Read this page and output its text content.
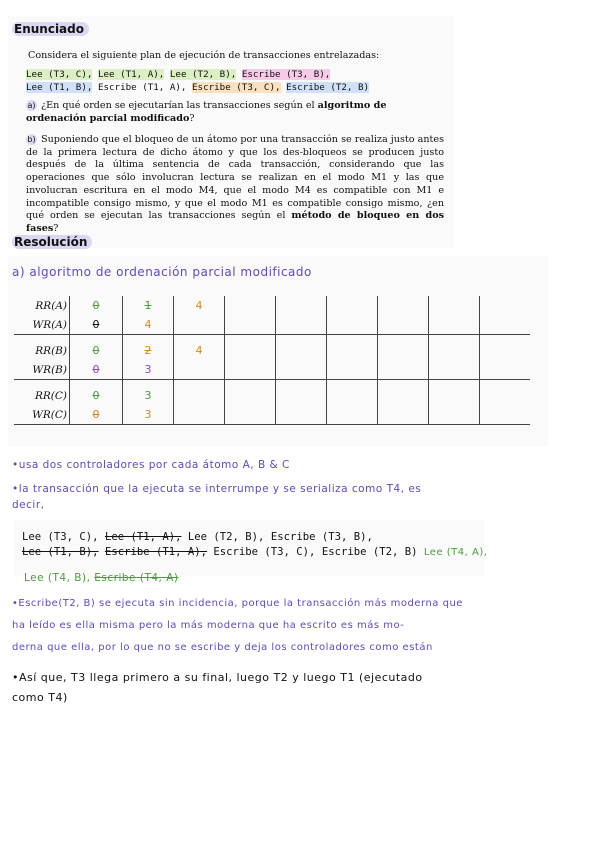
Enunciado
Considera el siguiente plan de ejecución de transacciones entrelazadas:
Lee (T3, C), Lee (T1, A), Lee (T2, B), Escribe (T3, B),
Lee (T1, B), Escribe (T1, A), Escribe (T3, C), Escribe (T2, B)
a) ¿En qué orden se ejecutarían las transacciones según el algoritmo de ordenación parcial modificado?
b) Suponiendo que el bloqueo de un átomo por una transacción se realiza justo antes de la primera lectura de dicho átomo y que los des-bloqueos se producen justo después de la última sentencia de cada transacción, considerando que las operaciones que sólo involucran lectura se realizan en el modo M1 y las que involucran escritura en el modo M4, que el modo M4 es compatible con M1 e incompatible consigo mismo, y que el modo M1 es compatible consigo mismo, ¿en qué orden se ejecutan las transacciones según el método de bloqueo en dos fases?
Resolución
a) algoritmo de ordenación parcial modificado
RR(A)	0	1	4						
WR(A)	0	4							

RR(B)	0	2	4						
WR(B)	0	3							

RR(C)	0	3							
WR(C)	0	3							
•usa dos controladores por cada átomo A, B & C
•la transacción que la ejecuta se interrumpe y se serializa como T4, es
decir,
Lee (T3, C), Lee (T1, A), Lee (T2, B), Escribe (T3, B),
Lee (T1, B), Escribe (T1, A), Escribe (T3, C), Escribe (T2, B) Lee (T4, A),
Lee (T4, B), Escribe (T4, A)
•Escribe(T2, B) se ejecuta sin incidencia, porque la transacción más moderna que
ha leído es ella misma pero la más moderna que ha escrito es más mo-
derna que ella, por lo que no se escribe y deja los controladores como están
•Así que, T3 llega primero a su final, luego T2 y luego T1 (ejecutado
como T4)
